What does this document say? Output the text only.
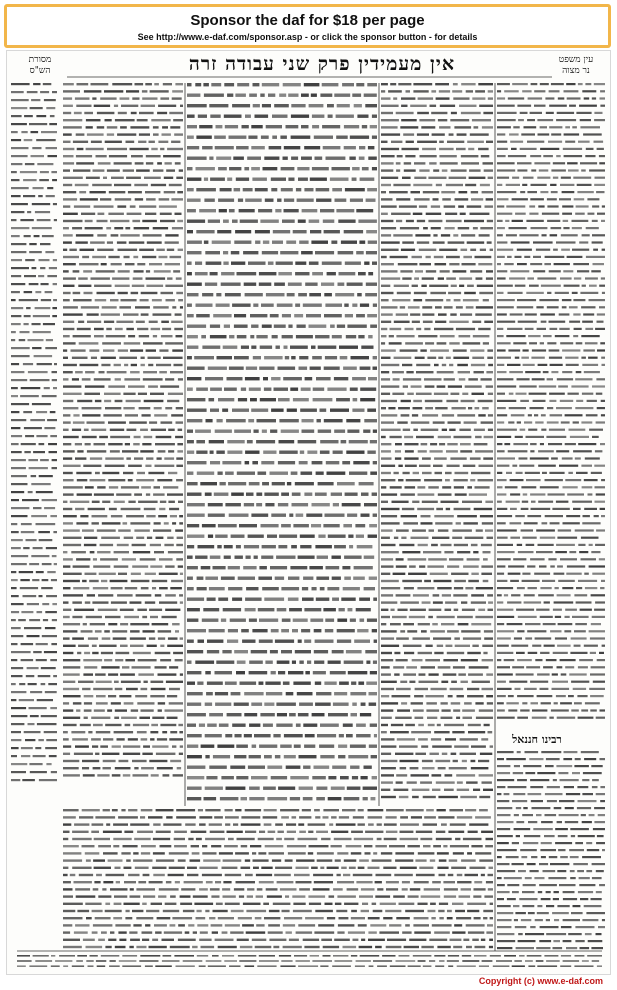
Sponsor the daf for $18 per page
See http://www.e-daf.com/sponsor.asp - or click the sponsor button - for details
מסורת
הש"ס	אין מעמידין פרק שני עבודה זרה	עין משפט
נר מצוה
רבינו חננאל
Copyright (c) www.e-daf.com
